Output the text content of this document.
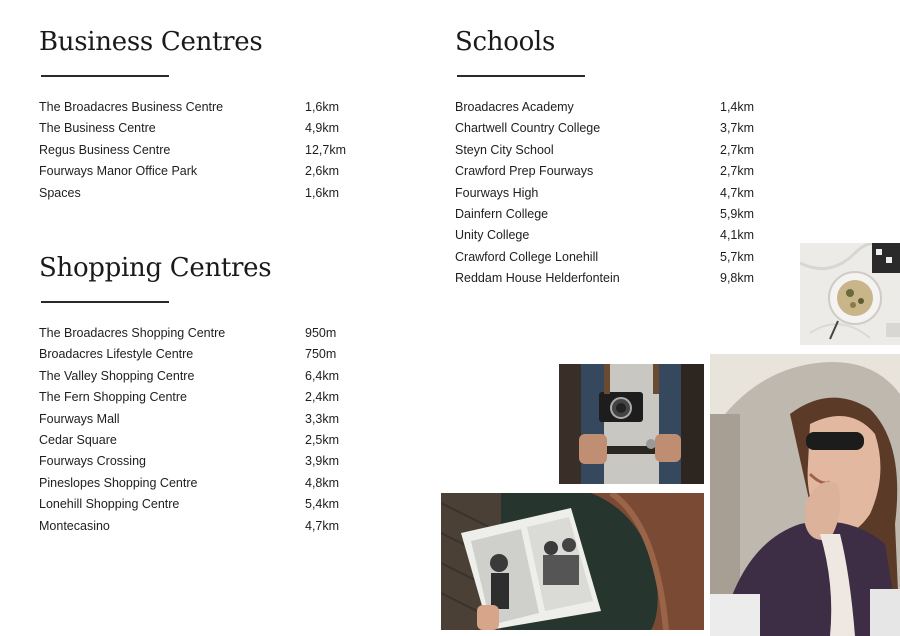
Business Centres
The Broadacres Business Centre	1,6km
The Business Centre	4,9km
Regus Business Centre	12,7km
Fourways Manor Office Park	2,6km
Spaces	1,6km
Shopping Centres
The Broadacres Shopping Centre	950m
Broadacres Lifestyle Centre	750m
The Valley Shopping Centre	6,4km
The Fern Shopping Centre	2,4km
Fourways Mall	3,3km
Cedar Square	2,5km
Fourways Crossing	3,9km
Pineslopes Shopping Centre	4,8km
Lonehill Shopping Centre	5,4km
Montecasino	4,7km
Schools
Broadacres Academy	1,4km
Chartwell Country College	3,7km
Steyn City School	2,7km
Crawford Prep Fourways	2,7km
Fourways High	4,7km
Dainfern College	5,9km
Unity College	4,1km
Crawford College Lonehill	5,7km
Reddam House Helderfontein	9,8km
